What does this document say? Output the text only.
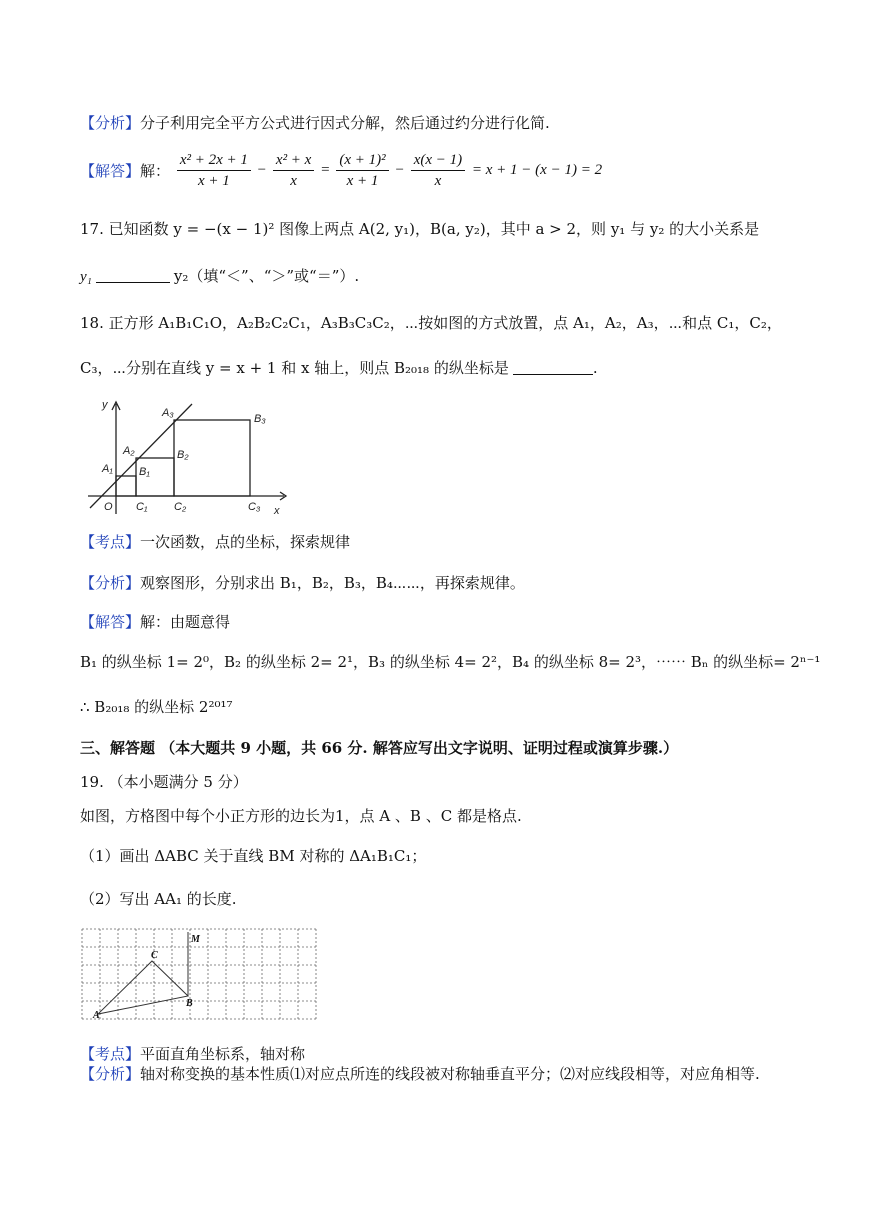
【分析】分子利用完全平方公式进行因式分解，然后通过约分进行化简.
【解答】解： $\frac{\text{x² + 2x + 1}}{x + 1} - \frac{\text{x² + x}}{x} = \frac{\text{(x + 1)²}}{x + 1} - \frac{x(x - 1)}{x} = x + 1 - (x - 1) = 2$
17. 已知函数 y = −(x − 1)² 图像上两点 A(2, y₁)，B(a, y₂)，其中 a > 2，则 y₁ 与 y₂ 的大小关系是
y₁	y₂（填“＜”、“＞”或“＝”）.
18. 正方形 A₁B₁C₁O，A₂B₂C₂C₁，A₃B₃C₃C₂，⋯按如图的方式放置，点 A₁，A₂，A₃，⋯和点 C₁，C₂，
C₃，⋯分别在直线 y = x + 1 和 x 轴上，则点 B₂₀₁₈ 的纵坐标是	.
y
x
O
A₁
A₂
A₃
B₁
B₂
B₃
C₁ C₂	C₃
【考点】一次函数，点的坐标，探索规律
【分析】观察图形，分别求出 B₁，B₂，B₃，B₄⋯⋯，再探索规律。
【解答】解：由题意得
B₁ 的纵坐标 1= 2⁰，B₂ 的纵坐标 2= 2¹，B₃ 的纵坐标 4= 2²，B₄ 的纵坐标 8= 2³，⋯⋯ Bₙ 的纵坐标= 2ⁿ⁻¹
∴ B₂₀₁₈ 的纵坐标 2²⁰¹⁷
三、解答题 （本大题共 9 小题，共 66 分. 解答应写出文字说明、证明过程或演算步骤.）
19. （本小题满分 5 分）
如图，方格图中每个小正方形的边长为1，点 A 、B 、C 都是格点.
（1）画出 ΔABC 关于直线 BM 对称的 ΔA₁B₁C₁；
（2）写出 AA₁ 的长度.
M
C
B
A
【考点】平面直角坐标系，轴对称
【分析】轴对称变换的基本性质⑴对应点所连的线段被对称轴垂直平分；⑵对应线段相等，对应角相等.
